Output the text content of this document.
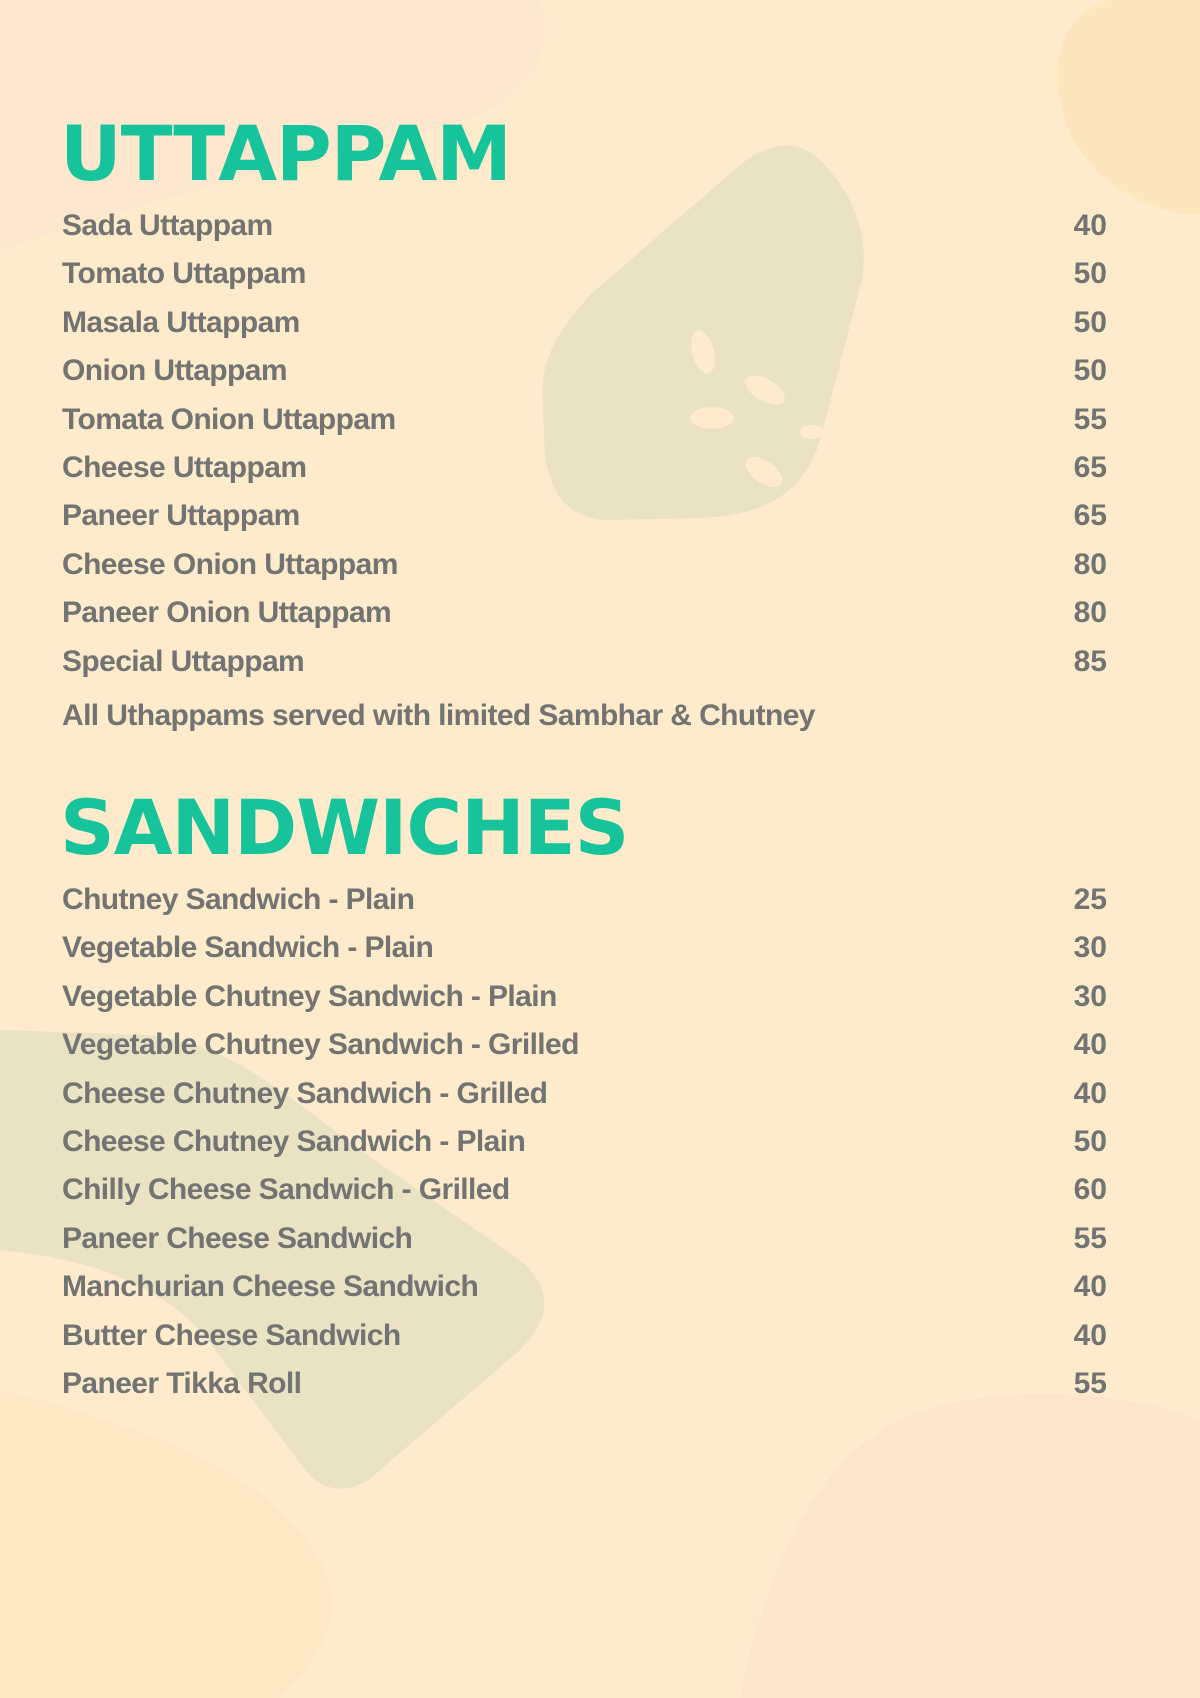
UTTAPPAM
Sada Uttappam	40
Tomato Uttappam	50
Masala Uttappam	50
Onion Uttappam	50
Tomata Onion Uttappam	55
Cheese Uttappam	65
Paneer Uttappam	65
Cheese Onion Uttappam	80
Paneer Onion Uttappam	80
Special Uttappam	85

All Uthappams served with limited Sambhar & Chutney

SANDWICHES
Chutney Sandwich - Plain	25
Vegetable Sandwich - Plain	30
Vegetable Chutney Sandwich - Plain	30
Vegetable Chutney Sandwich - Grilled	40
Cheese Chutney Sandwich - Grilled	40
Cheese Chutney Sandwich - Plain	50
Chilly Cheese Sandwich - Grilled	60
Paneer Cheese Sandwich	55
Manchurian Cheese Sandwich	40
Butter Cheese Sandwich	40
Paneer Tikka Roll	55
